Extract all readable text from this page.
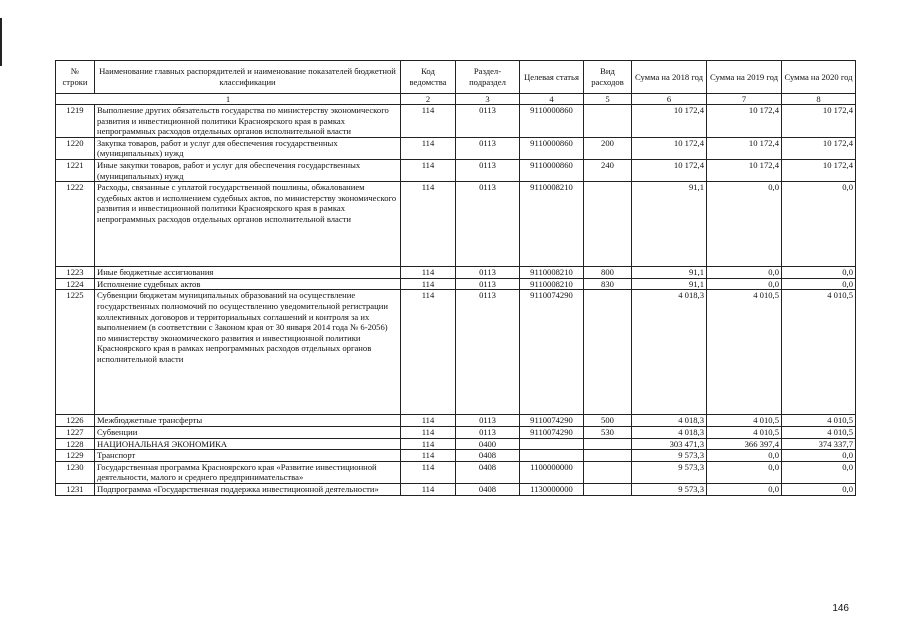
№ строки	Наименование главных распорядителей и наименование показателей бюджетной классификации	Код ведомства	Раздел-подраздел	Целевая статья	Вид расходов	Сумма на 2018 год	Сумма на 2019 год	Сумма на 2020 год
1		2	3	4	5	6	7	8
1219	Выполнение других обязательств государства по министерству экономического развития и инвестиционной политики Красноярского края в рамках непрограммных расходов отдельных органов исполнительной власти	114	0113	9110000860		10 172,4	10 172,4	10 172,4
1220	Закупка товаров, работ и услуг для обеспечения государственных (муниципальных) нужд	114	0113	9110000860	200	10 172,4	10 172,4	10 172,4
1221	Иные закупки товаров, работ и услуг для обеспечения государственных (муниципальных) нужд	114	0113	9110000860	240	10 172,4	10 172,4	10 172,4
1222	Расходы, связанные с уплатой государственной пошлины, обжалованием судебных актов и исполнением судебных актов, по министерству экономического развития и инвестиционной политики Красноярского края в рамках непрограммных расходов отдельных органов исполнительной власти	114	0113	9110008210		91,1	0,0	0,0
1223	Иные бюджетные ассигнования	114	0113	9110008210	800	91,1	0,0	0,0
1224	Исполнение судебных актов	114	0113	9110008210	830	91,1	0,0	0,0
1225	Субвенции бюджетам муниципальных образований на осуществление государственных полномочий по осуществлению уведомительной регистрации коллективных договоров и территориальных соглашений и контроля за их выполнением (в соответствии с Законом края от 30 января 2014 года № 6-2056) по министерству экономического развития и инвестиционной политики Красноярского края в рамках непрограммных расходов отдельных органов исполнительной власти	114	0113	9110074290		4 018,3	4 010,5	4 010,5
1226	Межбюджетные трансферты	114	0113	9110074290	500	4 018,3	4 010,5	4 010,5
1227	Субвенции	114	0113	9110074290	530	4 018,3	4 010,5	4 010,5
1228	НАЦИОНАЛЬНАЯ ЭКОНОМИКА	114	0400			303 471,3	366 397,4	374 337,7
1229	Транспорт	114	0408			9 573,3	0,0	0,0
1230	Государственная программа Красноярского края «Развитие инвестиционной деятельности, малого и среднего предпринимательства»	114	0408	1100000000		9 573,3	0,0	0,0
1231	Подпрограмма «Государственная поддержка инвестиционной деятельности»	114	0408	1130000000		9 573,3	0,0	0,0
146
